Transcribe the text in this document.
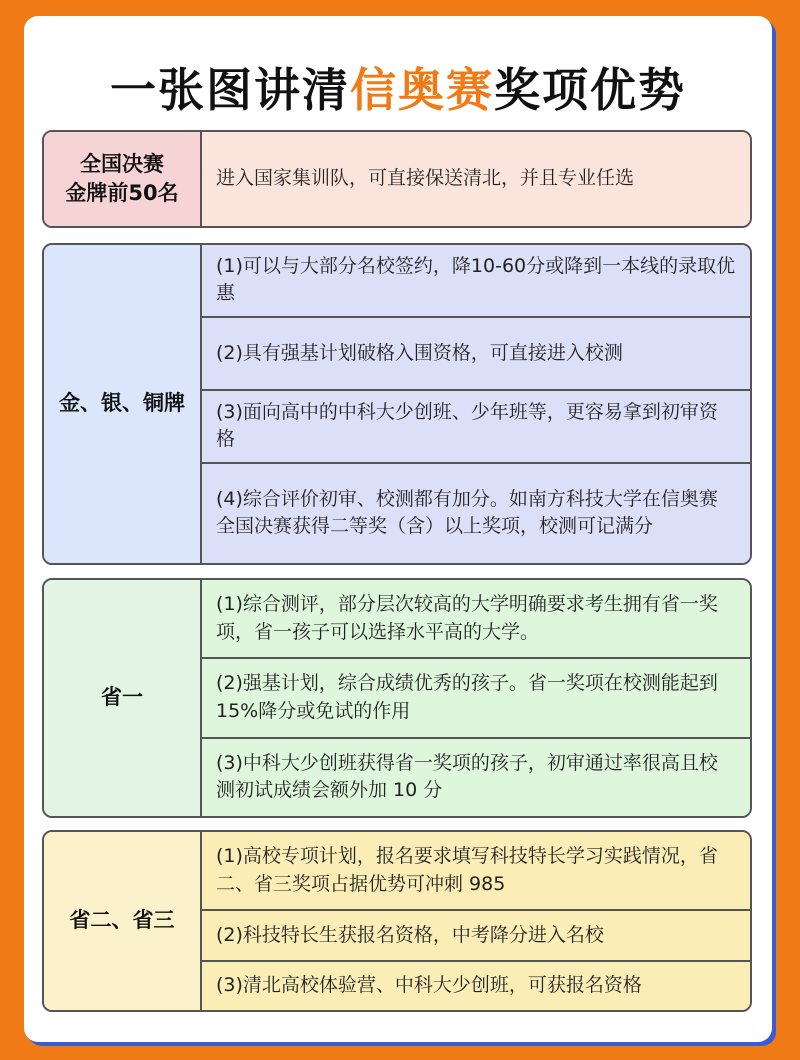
一张图讲清信奥赛奖项优势
全国决赛
金牌前50名
进入国家集训队，可直接保送清北，并且专业任选
金、银、铜牌
(1)可以与大部分名校签约，降10-60分或降到一本线的录取优惠
(2)具有强基计划破格入围资格，可直接进入校测
(3)面向高中的中科大少创班、少年班等，更容易拿到初审资格
(4)综合评价初审、校测都有加分。如南方科技大学在信奥赛全国决赛获得二等奖（含）以上奖项，校测可记满分
省一
(1)综合测评，部分层次较高的大学明确要求考生拥有省一奖项，省一孩子可以选择水平高的大学。
(2)强基计划，综合成绩优秀的孩子。省一奖项在校测能起到15%降分或免试的作用
(3)中科大少创班获得省一奖项的孩子，初审通过率很高且校测初试成绩会额外加 10 分
省二、省三
(1)高校专项计划，报名要求填写科技特长学习实践情况，省二、省三奖项占据优势可冲刺 985
(2)科技特长生获报名资格，中考降分进入名校
(3)清北高校体验营、中科大少创班，可获报名资格
